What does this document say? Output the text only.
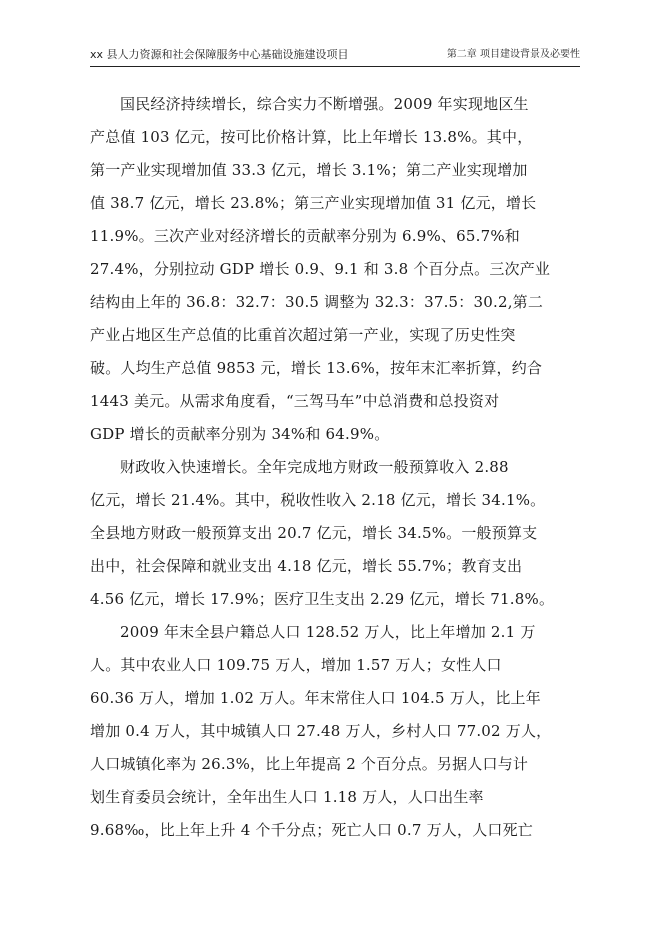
xx 县人力资源和社会保障服务中心基础设施建设项目	第二章 项目建设背景及必要性

国民经济持续增长，综合实力不断增强。2009 年实现地区生
产总值 103 亿元，按可比价格计算，比上年增长 13.8%。其中，
第一产业实现增加值 33.3 亿元，增长 3.1%；第二产业实现增加
值 38.7 亿元，增长 23.8%；第三产业实现增加值 31 亿元，增长
11.9%。三次产业对经济增长的贡献率分别为 6.9%、65.7%和
27.4%，分别拉动 GDP 增长 0.9、9.1 和 3.8 个百分点。三次产业
结构由上年的 36.8：32.7：30.5 调整为 32.3：37.5：30.2,第二
产业占地区生产总值的比重首次超过第一产业，实现了历史性突
破。人均生产总值 9853 元，增长 13.6%，按年末汇率折算，约合
1443 美元。从需求角度看，“三驾马车”中总消费和总投资对
GDP 增长的贡献率分别为 34%和 64.9%。

财政收入快速增长。全年完成地方财政一般预算收入 2.88
亿元，增长 21.4%。其中，税收性收入 2.18 亿元，增长 34.1%。
全县地方财政一般预算支出 20.7 亿元，增长 34.5%。一般预算支
出中，社会保障和就业支出 4.18 亿元，增长 55.7%；教育支出
4.56 亿元，增长 17.9%；医疗卫生支出 2.29 亿元，增长 71.8%。

2009 年末全县户籍总人口 128.52 万人，比上年增加 2.1 万
人。其中农业人口 109.75 万人，增加 1.57 万人；女性人口
60.36 万人，增加 1.02 万人。年末常住人口 104.5 万人，比上年
增加 0.4 万人，其中城镇人口 27.48 万人，乡村人口 77.02 万人，
人口城镇化率为 26.3%，比上年提高 2 个百分点。另据人口与计
划生育委员会统计，全年出生人口 1.18 万人，人口出生率
9.68‰，比上年上升 4 个千分点；死亡人口 0.7 万人，人口死亡
